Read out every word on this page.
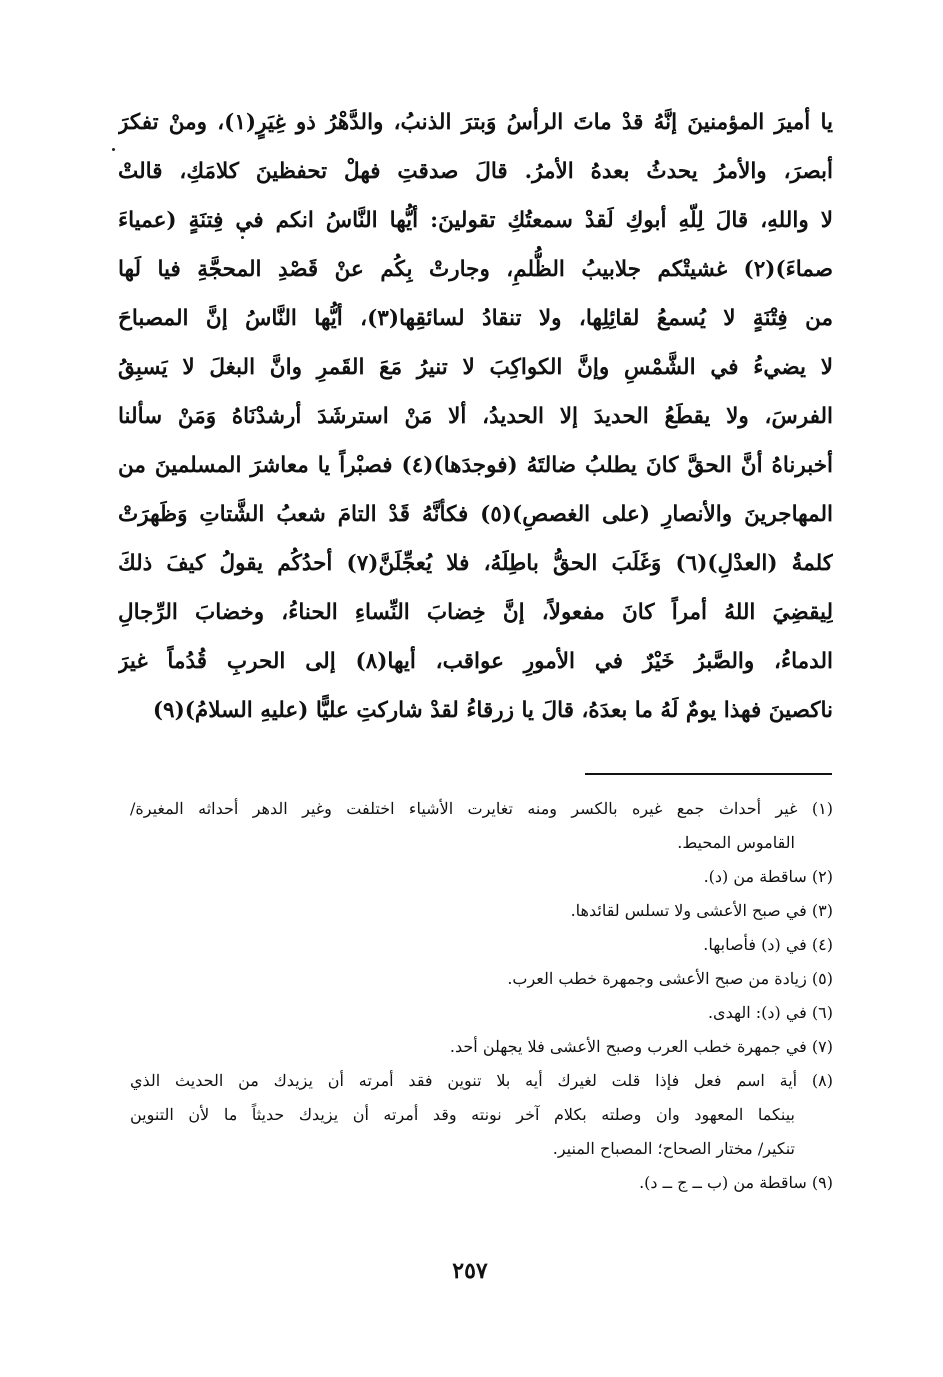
يا أميرَ المؤمنينَ إنَّهُ قدْ ماتَ الرأسُ وَبترَ الذنبُ، والدَّهْرُ ذو غِيَرٍ(١)، ومنْ تفكرَ
أبصرَ، والأمرُ يحدثُ بعدهُ الأمرُ. قالَ صدقتِ فهلْ تحفظينَ كلامَكِ، قالتْ
لا واللهِ، قالَ لِلّهِ أبوكِ لَقدْ سمعتُكِ تقولينَ: أيُّها النَّاسُ انكم في فِتنَةٍ (عمياءَ
صماءَ)(٢) غشيتْكم جلابيبُ الظُّلمِ، وجارتْ بِكُم عنْ قَصْدِ المحجَّةِ فيا لَها
من فِتْنَةٍ لا يُسمعُ لقائِلِها، ولا تنقادُ لسائقِها(٣)، أيُّها النَّاسُ إنَّ المصباحَ
لا يضيءُ في الشَّمْسِ وإنَّ الكواكِبَ لا تنيرُ مَعَ القَمرِ وانَّ البغلَ لا يَسبِقُ
الفرسَ، ولا يقطَعُ الحديدَ إلا الحديدُ، ألا مَنْ استرشَدَ أرشدْنَاهُ وَمَنْ سألنا
أخبرناهُ أنَّ الحقَّ كانَ يطلبُ ضالتَهُ (فوجدَها)(٤) فصبْراً يا معاشرَ المسلمينَ من
المهاجرينَ والأنصارِ (على الغصصِ)(٥) فكأنَّهُ قَدْ التامَ شعبُ الشَّتاتِ وَظَهرَتْ
كلمةُ (العدْلِ)(٦) وَغَلَبَ الحقُّ باطِلَهُ، فلا يُعجِّلَنَّ(٧) أحدُكُم يقولُ كيفَ ذلكَ
لِيقضِيَ اللهُ أمراً كانَ مفعولاً، إنَّ خِضابَ النِّساءِ الحناءُ، وخضابَ الرِّجالِ
الدماءُ، والصَّبرُ خَيْرٌ في الأمورِ عواقب، أيها(٨) إلى الحربِ قُدُماً غيرَ
ناكصينَ فهذا يومٌ لَهُ ما بعدَهُ، قالَ يا زرقاءُ لقدْ شاركتِ عليًّا (عليهِ السلامُ)(٩)
(١) غير أحداث جمع غيره بالكسر ومنه تغايرت الأشياء اختلفت وغير الدهر أحداثه المغيرة/
القاموس المحيط.
(٢) ساقطة من (د).
(٣) في صبح الأعشى ولا تسلس لقائدها.
(٤) في (د) فأصابها.
(٥) زيادة من صبح الأعشى وجمهرة خطب العرب.
(٦) في (د): الهدى.
(٧) في جمهرة خطب العرب وصبح الأعشى فلا يجهلن أحد.
(٨) أية اسم فعل فإذا قلت لغيرك أيه بلا تنوين فقد أمرته أن يزيدك من الحديث الذي
بينكما المعهود وان وصلته بكلام آخر نونته وقد أمرته أن يزيدك حديثاً ما لأن التنوين
تنكير/ مختار الصحاح؛ المصباح المنير.
(٩) ساقطة من (ب ــ ج ــ د).
٢٥٧
